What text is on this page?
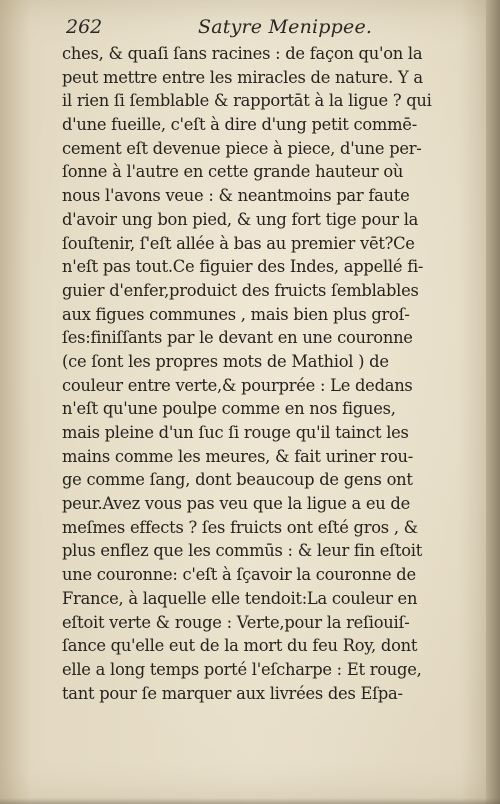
262	Satyre Menippee.
ches, & quaſi ſans racines : de façon qu'on la
peut mettre entre les miracles de nature. Y a
il rien ſi ſemblable & rapportāt à la ligue ? qui
d'une fueille, c'eſt à dire d'ung petit commē-
cement eſt devenue piece à piece, d'une per-
ſonne à l'autre en cette grande hauteur où
nous l'avons veue : & neantmoins par faute
d'avoir ung bon pied, & ung fort tige pour la
ſouſtenir, ſ'eſt allée à bas au premier vēt?Ce
n'eſt pas tout.Ce figuier des Indes, appellé fi-
guier d'enfer,produict des fruicts ſemblables
aux figues communes , mais bien plus groſ-
ſes:finiſſants par le devant en une couronne
(ce ſont les propres mots de Mathiol ) de
couleur entre verte,& pourprée : Le dedans
n'eſt qu'une poulpe comme en nos figues,
mais pleine d'un ſuc ſi rouge qu'il tainct les
mains comme les meures, & fait uriner rou-
ge comme ſang, dont beaucoup de gens ont
peur.Avez vous pas veu que la ligue a eu de
meſmes effects ? ſes fruicts ont eſté gros , &
plus enflez que les commūs : & leur fin eſtoit
une couronne: c'eſt à ſçavoir la couronne de
France, à laquelle elle tendoit:La couleur en
eſtoit verte & rouge : Verte,pour la reſiouiſ-
ſance qu'elle eut de la mort du feu Roy, dont
elle a long temps porté l'eſcharpe : Et rouge,
tant pour ſe marquer aux livrées des Eſpa-
